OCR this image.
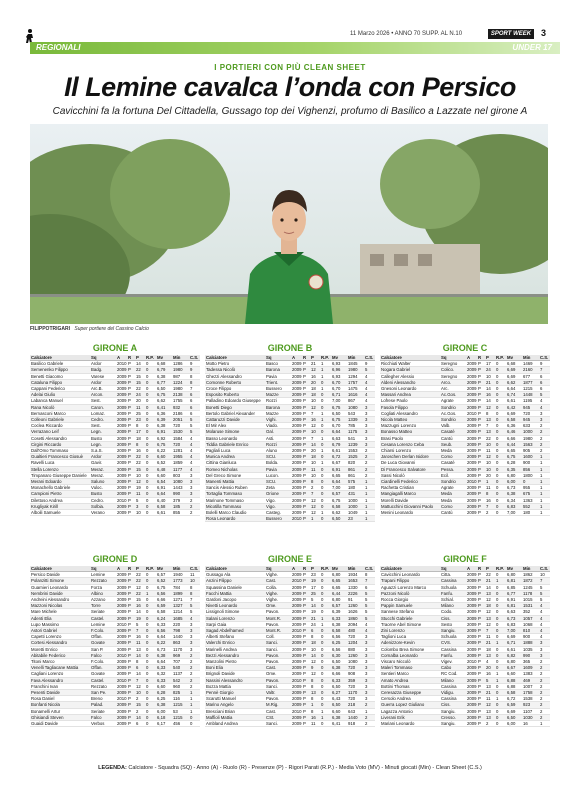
11 Marzo 2026 • ANNO 70 SUPP. AL N.10	SPORT WEEK	3
REGIONALI	UNDER 17
I PORTIERI CON PIÙ CLEAN SHEET
Il Lemine cavalca l’onda con Persico
Cavicchini fa la fortuna Del Cittadella, Gussago top dei Vighenzi, profumo di Basilico a Lazzate nel girone A
FILIPPOTRIGARI Super portiere del Cassino Calcio
GIRONE A
Calciatore	Sq	A	R	P	R.P.	Mv	Min	C.S.
Basilico Gabriele	Ardor	2010	P	14	0	6,68	1286	9
Semenenko Filippo	Badg.	2009	P	22	0	6,79	1980	9
Benetti Giacomo	Varese	2009	P	15	0	6,38	987	8
Cataluna Filippo	Ardor	2009	P	15	0	6,77	1224	8
Cappani Federico	Arc.B.	2009	P	22	0	6,50	1980	7
Adelai Giulio	Arcon.	2009	P	24	0	6,75	2138	6
Labanca Manuel	Sest.	2009	P	20	0	6,62	1755	6
Rana Nicolò	Caron.	2009	P	11	0	6,41	932	6
Bernasconi Marco	Lomaz.	2009	P	25	0	6,36	2186	6
Colleoni Gabriele	Cedro.	2009	P	23	0	6,39	2051	5
Coclea Riccardo	Sest.	2009	P	8	0	6,38	720	5
Verrazano Leif	Legn.	2009	P	17	0	6,91	1530	5
Cosetti Alessandro	Busto	2009	P	18	0	6,92	1584	4
Cirgini Riccardo	Legn.	2009	P	8	0	6,75	720	4
Dall'Omo Tommaso	S.a.S.	2009	P	16	0	6,22	1281	4
Gualtieri Francesco Giosuè	Ardor	2009	P	22	0	6,60	1955	4
Ravelli Luca	Gavir.	2009	P	22	0	6,52	1859	4
Stella Lorenzo	Meraz.	2009	P	15	0	6,48	1177	4
Timpanaro Giuseppe Daniele	Meraz.	2009	P	10	0	6,60	803	3
Merani Edoardo	Saluno	2009	P	12	0	6,54	1080	3
Monachello Gabriele	Vuloc.	2009	P	19	0	6,91	1443	3
Campioni Pietro	Busto	2009	P	11	0	6,64	990	3
Dilettoso Andrea	Cedro.	2010	P	5	0	6,40	379	2
Krugliyak Kirill	Solbia.	2009	P	3	0	6,58	185	2
Alboili Samuele	Verano	2009	P	10	0	6,61	855	2
GIRONE B
Calciatore	Sq	A	R	P	R.P.	Mv	Min	C.S.
Motto Pietro	Basco	2009	P	21	1	6,93	1845	9
Tadessa Nicolò	Barona	2009	P	12	1	6,96	1980	5
Ghezzi Alessandro	Pavia	2009	P	16	1	6,93	1294	4
Comonne Roberto	Trient.	2009	P	20	0	6,70	1757	4
Croce Filippo	Bussero	2009	P	18	1	6,70	1475	4
Esposito Roberto	Mazze	2009	P	18	0	6,71	1616	4
Palladino Edoardo Giuseppe	Rozzi	2009	P	10	0	7,00	867	4
Bonetti Diego	Barona	2009	P	12	0	6,75	1080	3
Bertolo Gabriel Alexander	Mazze	2009	P	7	1	6,50	543	3
Cattaruzzi Davide	Vighi.	2009	P	16	1	6,75	1339	3
El Mir Alex	Viado.	2009	P	12	0	6,70	785	3
Molaruse Simone	Oal.	2009	P	10	0	6,64	1175	3
Basso Leonardo	Asti.	2009	P	7	1	6,63	541	3
Tiddia Gabriele Enrico	Rozzi	2009	P	14	0	6,79	1239	3
Pagliali Luca	Aluno	2009	P	20	1	6,61	1553	2
Munica Andrea	SCU.	2009	P	18	0	6,72	1525	2
Cittina Gianluca	Bolda.	2009	P	10	1	6,67	820	2
Romeo Nicholas	Pavia	2009	P	11	0	6,91	861	2
Del Greco Simone	Lucon.	2009	P	10	0	6,65	861	2
Manenti Mattia	SCU.	2009	P	8	0	6,64	575	1
Sancis Alessio Ruben	Zeta	2009	P	2	0	7,00	180	1
Tortaglia Tommaso	Orione	2009	P	7	0	6,57	431	1
Marinone Tommaso	Vigo.	2009	P	12	0	6,75	1000	1
Micotilla Tommaso	Vigo.	2009	P	12	0	6,58	1000	1
Bolelli Marco Claudio	Casteg.	2009	P	12	1	6,62	1049	1
Rosa Leonardo	Bussero	2010	P	1	0	6,50	23	1
GIRONE C
Calciatore	Sq	A	R	P	R.P.	Mv	Min	C.S.
Ricchiuti Walter	Seregno	2009	P	17	0	6,68	1469	9
Nogara Gabriel	Colico.	2009	P	24	0	6,69	2160	7
Callegher Alessio	Seregno	2009	P	10	0	6,69	677	6
Aldeni Alessandro	Arco.	2009	P	21	0	6,62	1877	6
Gnesoni Leonardo	Arc.	2009	P	14	0	6,64	1215	6
Massari Andrea	Ac.Gos.	2009	P	16	0	6,74	1448	5
Lofrese Paolo	Agrate	2009	P	14	0	6,61	1195	4
Fasola Filippo	Sondrio	2009	P	12	0	6,42	945	4
Cogliati Alessandro	Ac.Gos.	2010	P	8	0	6,69	720	3
Nicola Matteo	Sondrio	2009	P	13	0	6,58	945	3
Mazzugni Lorenzo	Valb.	2009	P	7	0	6,36	633	2
Bonasso Matteo	Casatè	2009	P	13	0	6,46	1000	2
Brasi Paolo	Cantù	2009	P	22	0	6,66	1980	2
Cesana Lorenzo Ceba	Seub.	2009	P	10	0	6,44	1563	2
Chiarsi Lorenzo	Meda	2009	P	11	0	6,65	905	2
Jaroschen Derlan Isidore	Como	2009	P	12	0	6,75	1600	1
De Luca Giovanni	Casatè	2009	P	10	0	6,28	900	1
Di Francesco Salvatore	Pessa.	2009	P	10	0	6,35	856	1
Sassi Nicolò	Ecil.	2009	P	20	0	6,80	1800	1
Ciardinelli Federico	Sondrio	2010	P	1	0	6,00	0	1
Rachetta Cristian	Agrate	2009	P	11	0	6,73	955	1
Mangiagalli Marco	Meda	2009	P	8	0	6,38	675	1
Morelli Davide	Meda	2009	P	16	0	6,34	1363	1
Mattucchini Giovanni Paolo	Como	2009	P	7	0	6,83	552	1
Menini Leonardo	Cantù	2009	P	2	0	7,00	180	1
GIRONE D
Calciatore	Sq	A	R	P	R.P.	Mv	Min	C.S.
Persico Davide	Lemine	2009	P	22	0	6,57	1940	11
Polanzitti Simone	Rezzato	2009	P	22	0	6,52	1773	10
Guarnieri Leonardo	Forza	2009	P	12	0	6,75	784	8
Nembrini Davide	Albino	2009	P	22	1	6,56	1899	8
Andreini Alessandro	Azzano	2009	P	15	0	6,66	1271	7
Mazzoni Nicolas	Torre	2009	P	16	0	6,59	1327	5
Mare Michele	Seriate	2009	P	14	0	6,58	1214	5
Adenti Elia	Castel.	2009	P	19	0	6,24	1685	4
Lupo Massimo	Lemine	2010	P	5	0	6,33	220	3
Astori Gabriel	F.Colo.	2009	P	7	0	6,56	798	3
Capetti Lorenzo	Offan.	2009	P	16	0	6,64	1440	3
Cortesi Alessandro	Govate	2009	P	11	0	6,22	863	3
Moretti Enrico	San P.	2009	P	13	0	6,73	1170	3
Abitabile Federico	Falco	2010	P	14	0	6,38	969	2
Titoni Marco	F.Colo.	2009	P	8	0	6,64	707	2
Venelli Tagliacane Mattia	Offan.	2009	P	6	0	6,33	540	2
Cagliani Lorenzo	Govate	2009	P	14	0	6,32	1137	2
Fava Alessandro	Castel.	2010	P	7	0	6,33	542	2
Franchini Ivan	Rezzato	2009	P	12	0	6,60	960	2
Pesenti Davide	San Pe.	2009	P	10	0	6,28	825	1
Rosa Daniel	Breno	2010	P	2	0	6,25	116	1
Bonfanti Nicola	Palad.	2009	P	15	0	6,38	1215	1
Bonamelli Artur	Seriate	2009	P	2	0	6,00	53	1
Ghisiandi Steven	Falco	2009	P	14	0	6,18	1215	0
Guaidi Davide	Verbos	2009	P	6	0	6,17	456	0
GIRONE E
Calciatore	Sq	A	R	P	R.P.	Mv	Min	C.S.
Gussago Ala	Vighe.	2009	P	23	0	6,80	1934	8
Anzini Filippo	Cast.	2010	P	19	0	6,65	1653	7
Squassina Daniele	Colla.	2009	P	17	0	6,65	1330	6
Facchi Mattia	Vighe.	2009	P	25	0	6,44	2226	5
Gardoni Jacopo	Vighe.	2009	P	5	0	6,80	91	5
Nivetti Leonardo	Ome.	2009	P	14	0	6,57	1260	5
Lissignoli Simone	Pavon.	2009	P	19	0	6,39	1626	5
Salani Lorenzo	Mont.R.	2009	P	21	1	6,33	1860	5
Sarpi Gaia	Pavon.	2009	P	24	1	6,38	2094	4
Sagad Abdelhamed	Mont.R.	2010	P	6	0	6,58	480	4
Alberti Stefano	Coll.	2009	P	8	0	6,56	720	3
Valerchi Enrico	Sanci.	2009	P	18	0	6,25	1204	3
Marinelli Andrea	Sanci.	2009	P	10	0	6,56	880	3
Bezzi Alessandro	Pavon.	2009	P	14	0	6,30	1260	3
Manzolini Pietro	Pavon.	2009	P	12	0	6,50	1080	3
Boni Elia	Cast.	2009	P	9	0	6,38	720	3
Brignoli Davide	Ome.	2009	P	12	0	6,66	908	3
Nassini Alessandro	Pavon.	2010	P	8	0	6,33	359	3
Bozza Mattia	Sanci.	2009	P	8	0	6,50	720	3
Pennè Giorgio	Valtr.	2009	P	13	0	6,27	1170	3
Scarutti Manuel	Pavon.	2009	P	8	0	6,43	720	3
Marino Angelo	M.Rig.	2009	P	1	0	6,50	218	2
Bresciani Brian	Cast.	2010	P	8	1	6,60	643	1
Maffioli Mattia	CSt.	2009	P	16	1	6,38	1440	2
Ambland Andrea	Sanci.	2009	P	11	0	6,41	918	2
GIRONE F
Calciatore	Sq	A	R	P	R.P.	Mv	Min	C.S.
Cavicchini Leonardo	Citta.	2009	P	22	0	6,80	1862	10
Trapani Filippo	Cassina	2009	P	21	1	6,81	1872	7
Aguazzi Lorenzo Marco	Schuola	2009	P	14	0	6,85	1245	5
Pazzoni Nicolò	Fanfu.	2009	P	13	0	6,77	1178	5
Rocca Giorgio	Schial.	2009	P	12	0	6,91	1015	5
Pappin Samuele	Milano	2009	P	18	0	6,81	1531	4
Sannese Stefano	Codo.	2009	P	12	0	6,63	352	4
Stucchi Gabriele	Ciss.	2009	P	13	0	6,73	1057	4
Traorne Abel Simone	Sesto	2009	P	12	0	6,83	1068	4
Zini Lorenzo	Sangiu.	2009	P	7	0	7,00	810	4
Taglioni Luca	Schuola	2009	P	11	0	6,69	900	4
Adenizzore-Kevin	CVS.	2009	P	21	1	6,71	1888	3
Colombo Brea Simone	Cassina	2009	P	18	0	6,61	1035	3
Cornalba Leonardo	Fanfu.	2009	P	13	0	6,82	990	3
Viscaro Niccolò	Vigev.	2010	P	4	0	6,80	365	2
Maleri Tommaso	Cabo	2009	P	20	0	6,67	1609	2
Sentieri Marco	RC Cod.	2009	P	16	1	6,60	1383	2
Amato Andrea	Milano	2009	P	5	1	6,88	469	2
Bottini Thomas	Cassina	2009	P	13	0	6,88	1007	2
Ceresazza Giuseppe	Vidigu.	2009	P	21	0	6,58	1758	2
Cersolo Andrea	Cassina	2009	P	11	1	6,72	1538	2
Guerra Lopez Giuliano	Ciss.	2009	P	12	0	6,59	923	2
Lagazza Antonio	Sangiu.	2009	P	13	0	6,69	1107	2
Liverani Erik	Cresso.	2009	P	13	0	6,50	1030	2
Mariani Leonardo	Sangiu.	2009	P	2	0	6,00	16	1
LEGENDA: Calciatore - Squadra (SQ) - Anno (A) - Ruolo (R) - Presenze (P) - Rigori Parati (R.P.) - Media Voto (MV) - Minuti giocati (Min) - Clean Sheet (C.S.)
